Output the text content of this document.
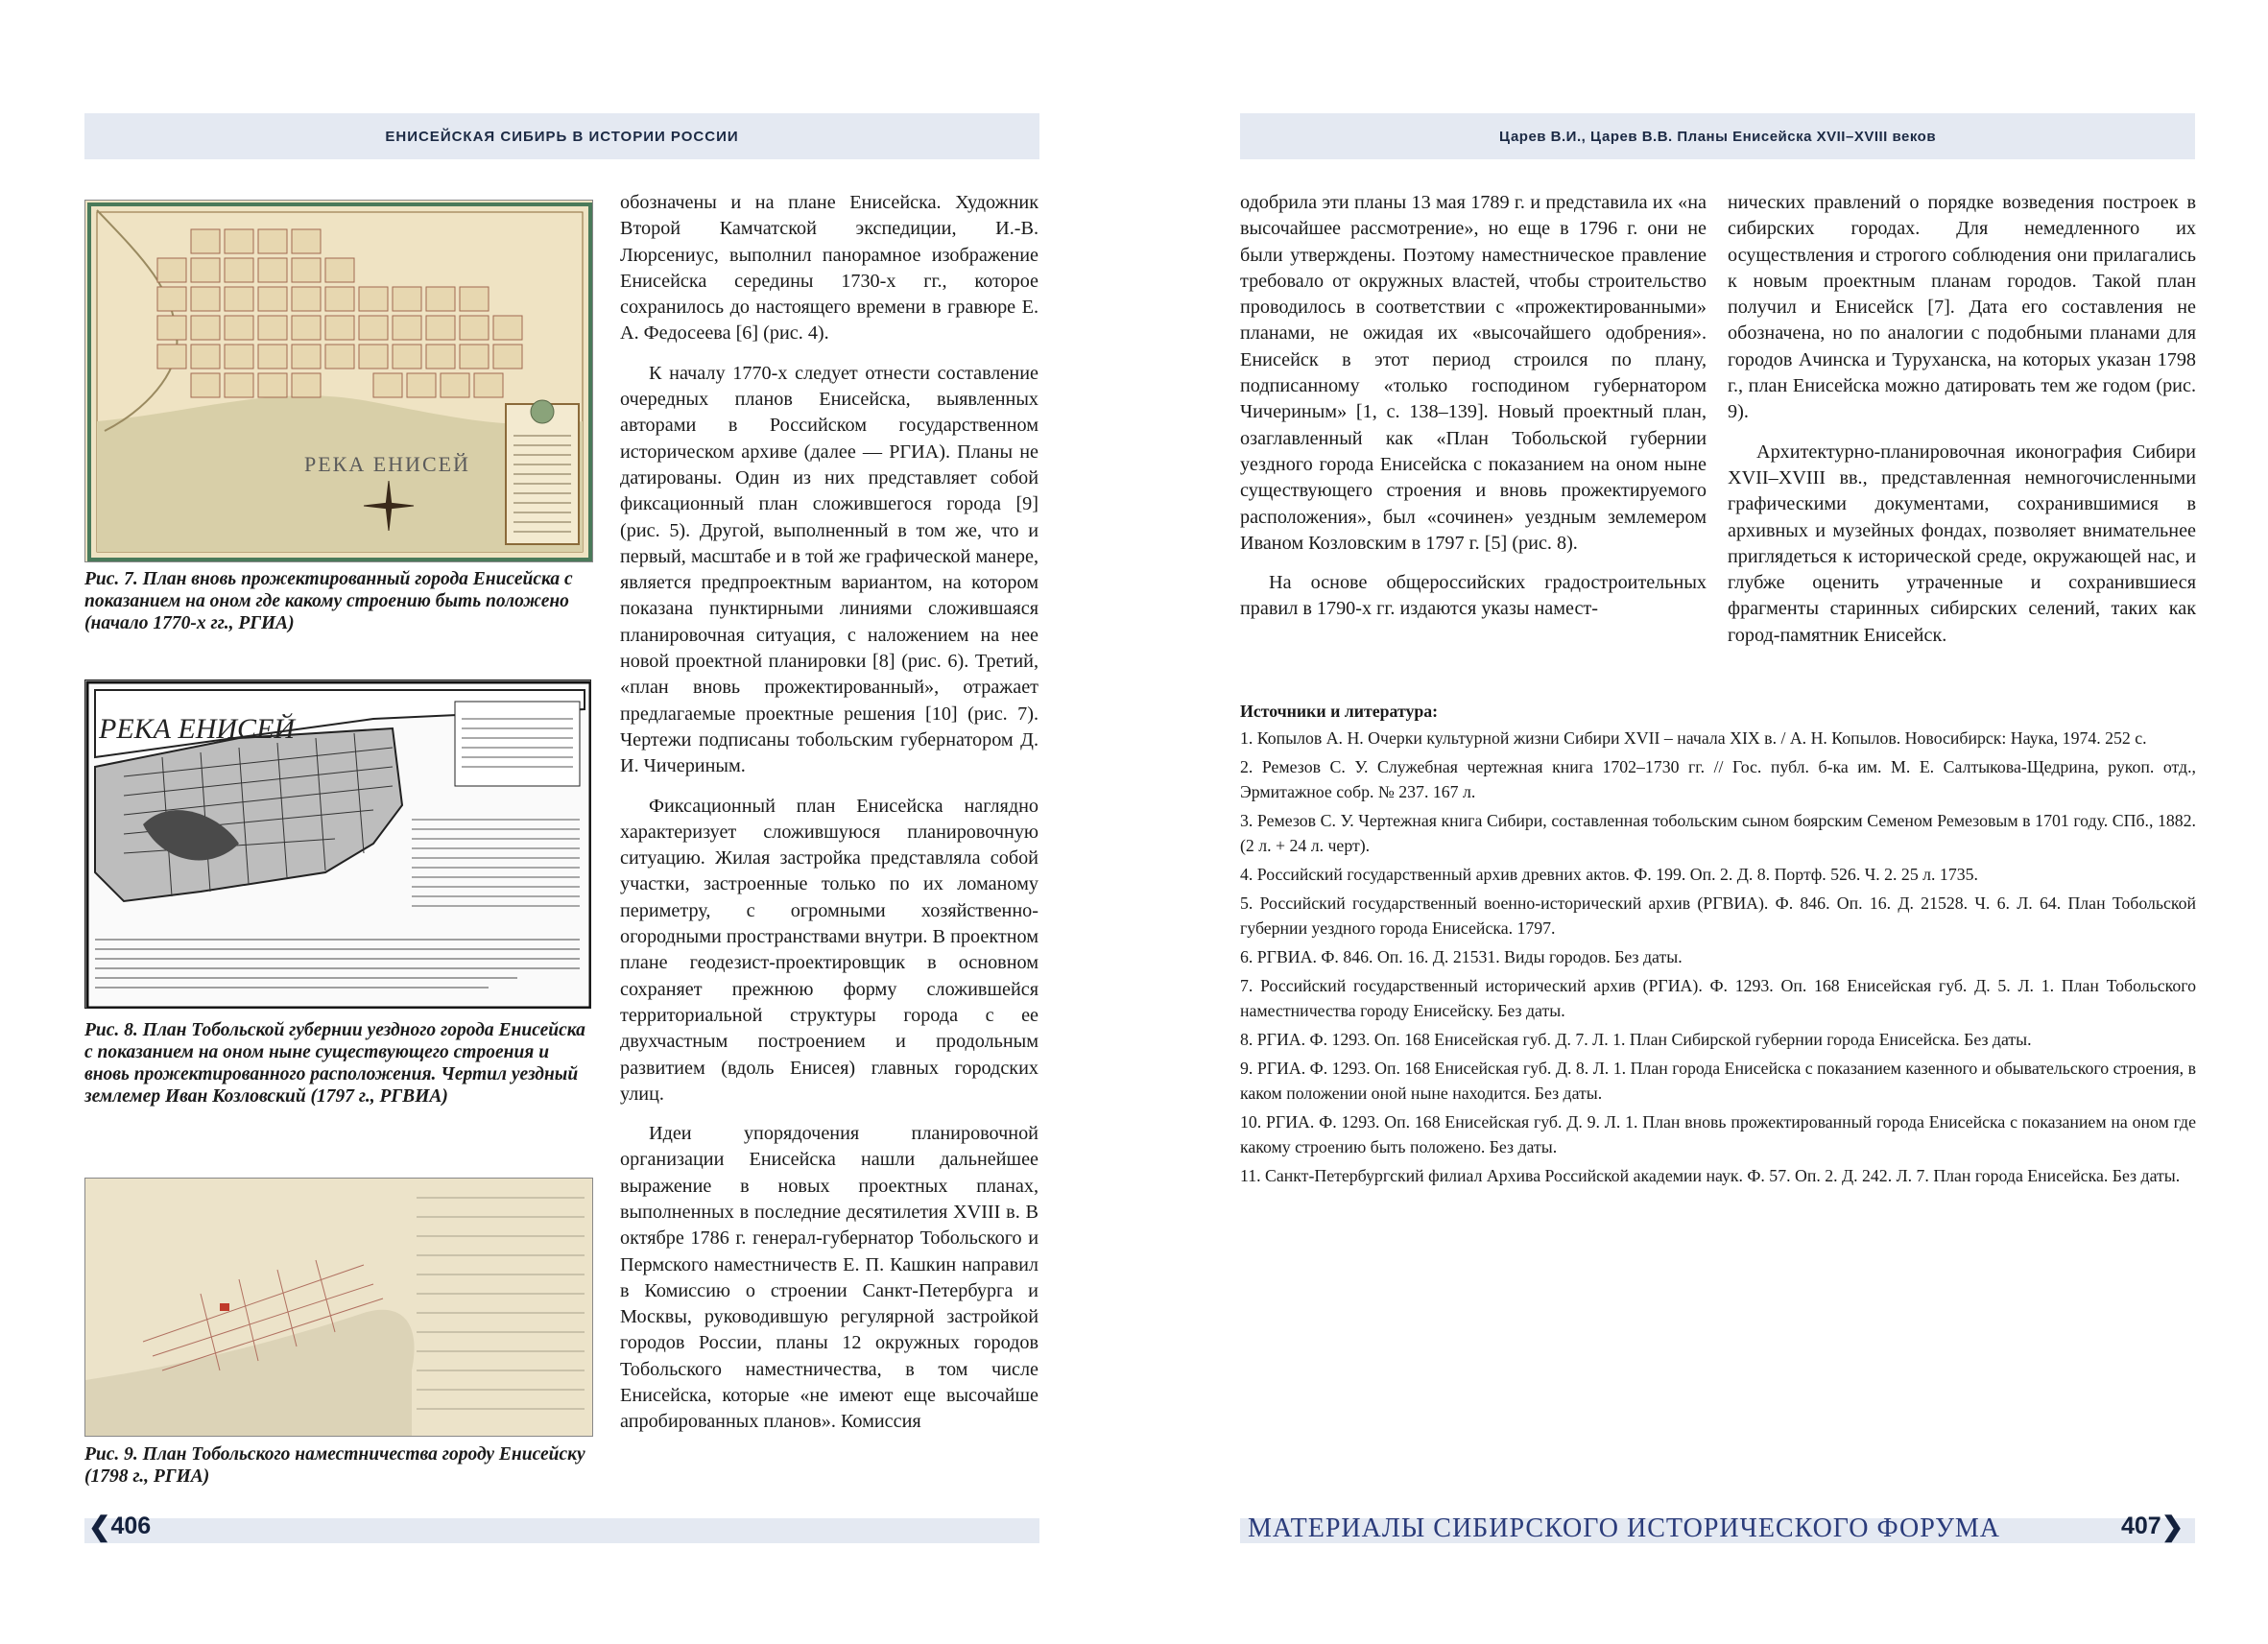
ЕНИСЕЙСКАЯ СИБИРЬ В ИСТОРИИ РОССИИ	Царев В.И., Царев В.В. Планы Енисейска XVII–XVIII веков
РЕКА ЕНИСЕЙ
Рис. 7. План вновь прожектированный города Енисейска с показанием на оном где какому строению быть положено (начало 1770-х гг., РГИА)
РЕКА ЕНИСЕЙ
Рис. 8. План Тобольской губернии уездного города Енисейска с показанием на оном ныне существующего строения и вновь прожектированного расположения. Чертил уездный землемер Иван Козловский (1797 г., РГВИА)
Рис. 9. План Тобольского наместничества городу Енисейску (1798 г., РГИА)

обозначены и на плане Енисейска. Художник Второй Камчатской экспедиции, И.-В. Люрсениус, выполнил панорамное изображение Енисейска середины 1730-х гг., которое сохранилось до настоящего времени в гравюре Е. А. Федосеева [6] (рис. 4).

К началу 1770-х следует отнести составление очередных планов Енисейска, выявленных авторами в Российском государственном историческом архиве (далее — РГИА). Планы не датированы. Один из них представляет собой фиксационный план сложившегося города [9] (рис. 5). Другой, выполненный в том же, что и первый, масштабе и в той же графической манере, является предпроектным вариантом, на котором показана пунктирными линиями сложившаяся планировочная ситуация, с наложением на нее новой проектной планировки [8] (рис. 6). Третий, «план вновь прожектированный», отражает предлагаемые проектные решения [10] (рис. 7). Чертежи подписаны тобольским губернатором Д. И. Чичериным.

Фиксационный план Енисейска наглядно характеризует сложившуюся планировочную ситуацию. Жилая застройка представляла собой участки, застроенные только по их ломаному периметру, с огромными хозяйственно-огородными пространствами внутри. В проектном плане геодезист-проектировщик в основном сохраняет прежнюю форму сложившейся территориальной структуры города с ее двухчастным построением и продольным развитием (вдоль Енисея) главных городских улиц.

Идеи упорядочения планировочной организации Енисейска нашли дальнейшее выражение в новых проектных планах, выполненных в последние десятилетия XVIII в. В октябре 1786 г. генерал-губернатор Тобольского и Пермского наместничеств Е. П. Кашкин направил в Комиссию о строении Санкт-Петербурга и Москвы, руководившую регулярной застройкой городов России, планы 12 окружных городов Тобольского наместничества, в том числе Енисейска, которые «не имеют еще высочайше апробированных планов». Комиссия

одобрила эти планы 13 мая 1789 г. и представила их «на высочайшее рассмотрение», но еще в 1796 г. они не были утверждены. Поэтому наместническое правление требовало от окружных властей, чтобы строительство проводилось в соответствии с «прожектированными» планами, не ожидая их «высочайшего одобрения». Енисейск в этот период строился по плану, подписанному «только господином губернатором Чичериным» [1, с. 138–139]. Новый проектный план, озаглавленный как «План Тобольской губернии уездного города Енисейска с показанием на оном ныне существующего строения и вновь прожектируемого расположения», был «сочинен» уездным землемером Иваном Козловским в 1797 г. [5] (рис. 8).

На основе общероссийских градостроительных правил в 1790-х гг. издаются указы намест-

нических правлений о порядке возведения построек в сибирских городах. Для немедленного их осуществления и строгого соблюдения они прилагались к новым проектным планам городов. Такой план получил и Енисейск [7]. Дата его составления не обозначена, но по аналогии с подобными планами для городов Ачинска и Туруханска, на которых указан 1798 г., план Енисейска можно датировать тем же годом (рис. 9).

Архитектурно-планировочная иконография Сибири XVII–XVIII вв., представленная немногочисленными графическими документами, сохранившимися в архивных и музейных фондах, позволяет внимательнее приглядеться к исторической среде, окружающей нас, и глубже оценить утраченные и сохранившиеся фрагменты старинных сибирских селений, таких как город-памятник Енисейск.

Источники и литература:
1. Копылов А. Н. Очерки культурной жизни Сибири XVII – начала XIX в. / А. Н. Копылов. Новосибирск: Наука, 1974. 252 с.
2. Ремезов С. У. Служебная чертежная книга 1702–1730 гг. // Гос. публ. б-ка им. М. Е. Салтыкова-Щедрина, рукоп. отд., Эрмитажное собр. № 237. 167 л.
3. Ремезов С. У. Чертежная книга Сибири, составленная тобольским сыном боярским Семеном Ремезовым в 1701 году. СПб., 1882. (2 л. + 24 л. черт).
4. Российский государственный архив древних актов. Ф. 199. Оп. 2. Д. 8. Портф. 526. Ч. 2. 25 л. 1735.
5. Российский государственный военно-исторический архив (РГВИА). Ф. 846. Оп. 16. Д. 21528. Ч. 6. Л. 64. План Тобольской губернии уездного города Енисейска. 1797.
6. РГВИА. Ф. 846. Оп. 16. Д. 21531. Виды городов. Без даты.
7. Российский государственный исторический архив (РГИА). Ф. 1293. Оп. 168 Енисейская губ. Д. 5. Л. 1. План Тобольского наместничества городу Енисейску. Без даты.
8. РГИА. Ф. 1293. Оп. 168 Енисейская губ. Д. 7. Л. 1. План Сибирской губернии города Енисейска. Без даты.
9. РГИА. Ф. 1293. Оп. 168 Енисейская губ. Д. 8. Л. 1. План города Енисейска с показанием казенного и обывательского строения, в каком положении оной ныне находится. Без даты.
10. РГИА. Ф. 1293. Оп. 168 Енисейская губ. Д. 9. Л. 1. План вновь прожектированный города Енисейска с показанием на оном где какому строению быть положено. Без даты.
11. Санкт-Петербургский филиал Архива Российской академии наук. Ф. 57. Оп. 2. Д. 242. Л. 7. План города Енисейска. Без даты.
❮ 406	МАТЕРИАЛЫ СИБИРСКОГО ИСТОРИЧЕСКОГО ФОРУМА	407 ❯
